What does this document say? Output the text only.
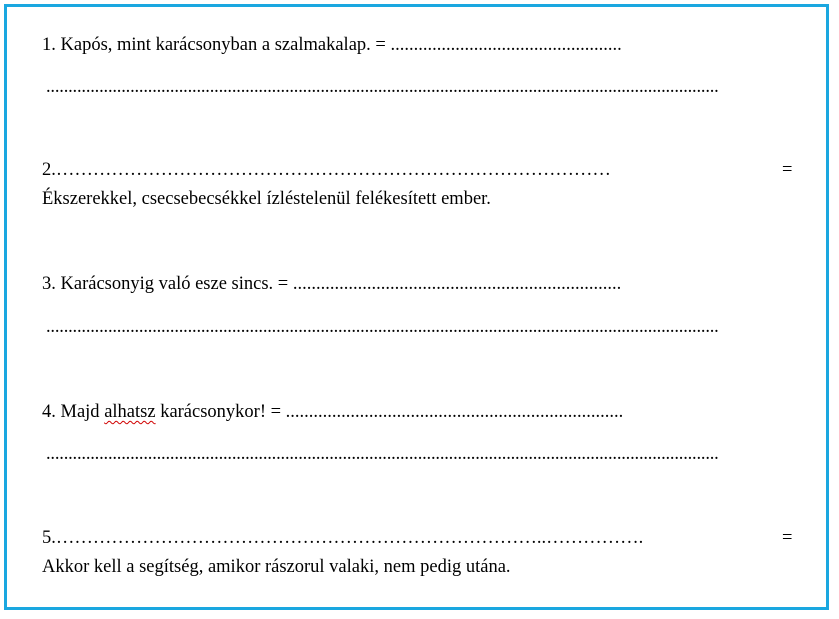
1. Kapós, mint karácsonyban a szalmakalap. = ..................................................
........................................................................................................................................................
2.………………………………………………………………………………	=
Ékszerekkel, csecsebecsékkel ízléstelenül felékesített ember.
3. Karácsonyig való esze sincs. = .......................................................................
........................................................................................................................................................
4. Majd alhatsz karácsonykor! = .........................................................................
........................................................................................................................................................
5.……………………………………………………………………..…………….	=
Akkor kell a segítség, amikor rászorul valaki, nem pedig utána.
